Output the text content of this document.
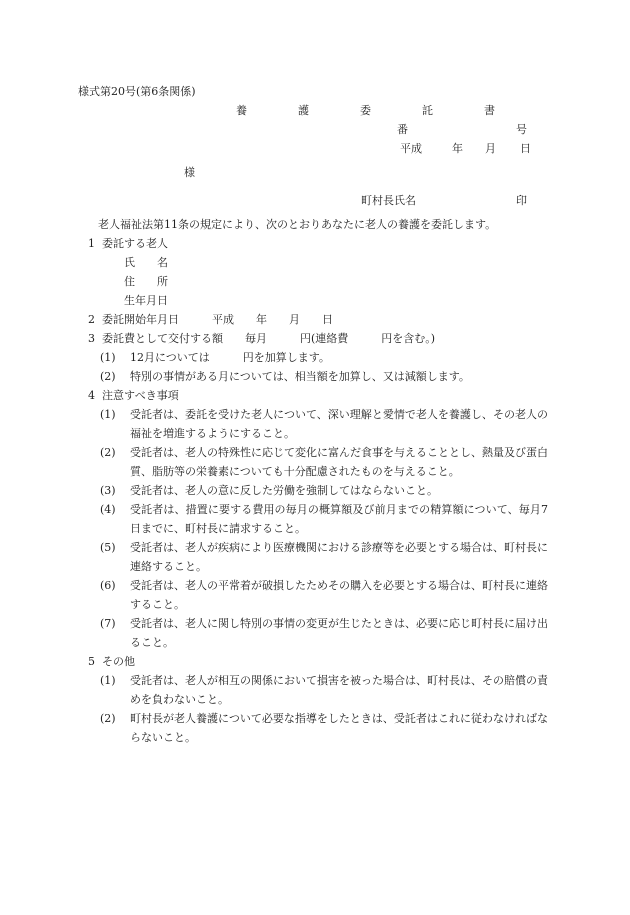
様式第20号(第6条関係)
養　護　委　託　書
番	号
平成	年 月 日
様
町村長氏名	印
老人福祉法第11条の規定により、次のとおりあなたに老人の養護を委託します。
1 委託する老人
氏　　名
住　　所
生年月日
2 委託開始年月日　　　平成　　年　　月　　日
3 委託費として交付する額　　毎月　　　円(連絡費　　　円を含む。)
(1)	12月については　　　円を加算します。
(2)	特別の事情がある月については、相当額を加算し、又は減額します。
4 注意すべき事項
(1)	受託者は、委託を受けた老人について、深い理解と愛情で老人を養護し、その老人の福祉を増進するようにすること。
(2)	受託者は、老人の特殊性に応じて変化に富んだ食事を与えることとし、熱量及び蛋白質、脂肪等の栄養素についても十分配慮されたものを与えること。
(3)	受託者は、老人の意に反した労働を強制してはならないこと。
(4)	受託者は、措置に要する費用の毎月の概算額及び前月までの精算額について、毎月7日までに、町村長に請求すること。
(5)	受託者は、老人が疾病により医療機関における診療等を必要とする場合は、町村長に連絡すること。
(6)	受託者は、老人の平常着が破損したためその購入を必要とする場合は、町村長に連絡すること。
(7)	受託者は、老人に関し特別の事情の変更が生じたときは、必要に応じ町村長に届け出ること。
5 その他
(1)	受託者は、老人が相互の関係において損害を被った場合は、町村長は、その賠償の責めを負わないこと。
(2)	町村長が老人養護について必要な指導をしたときは、受託者はこれに従わなければならないこと。
